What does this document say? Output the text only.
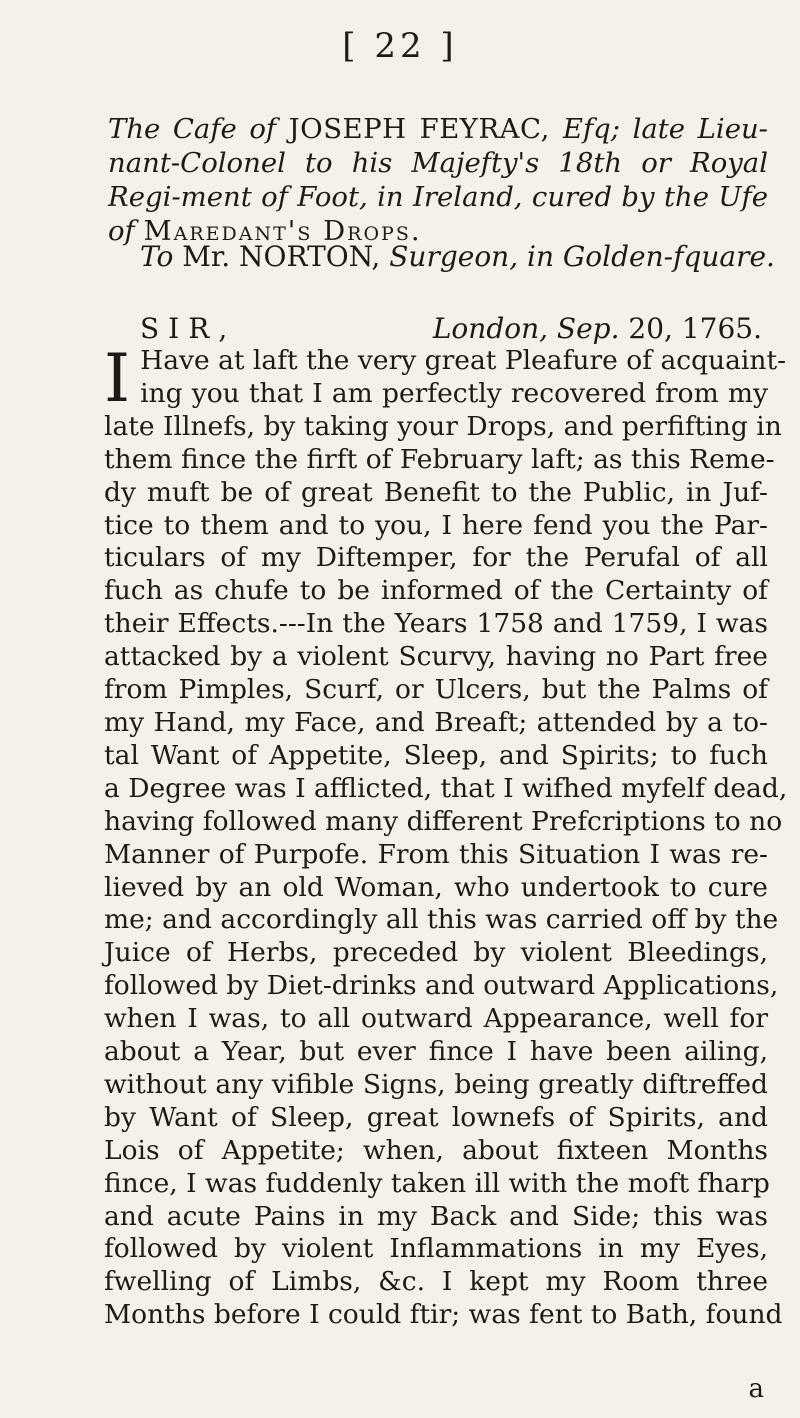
[ 22 ]
The Cafe of JOSEPH FEYRAC, Efq; late Lieu-nant-Colonel to his Majefty's 18th or Royal Regi-ment of Foot, in Ireland, cured by the Ufe of Maredant's Drops.
To Mr. NORTON, Surgeon, in Golden-fquare.
SIR,	London, Sep. 20, 1765.
I Have at laft the very great Pleafure of acquaint-
ing you that I am perfectly recovered from my
late Illnefs, by taking your Drops, and perfifting in
them fince the firft of February laft; as this Reme-
dy muft be of great Benefit to the Public, in Juf-
tice to them and to you, I here fend you the Par-
ticulars of my Diftemper, for the Perufal of all
fuch as chufe to be informed of the Certainty of
their Effects.---In the Years 1758 and 1759, I was
attacked by a violent Scurvy, having no Part free
from Pimples, Scurf, or Ulcers, but the Palms of
my Hand, my Face, and Breaft; attended by a to-
tal Want of Appetite, Sleep, and Spirits; to fuch
a Degree was I afflicted, that I wifhed myfelf dead,
having followed many different Prefcriptions to no
Manner of Purpofe. From this Situation I was re-
lieved by an old Woman, who undertook to cure
me; and accordingly all this was carried off by the
Juice of Herbs, preceded by violent Bleedings,
followed by Diet-drinks and outward Applications,
when I was, to all outward Appearance, well for
about a Year, but ever fince I have been ailing,
without any vifible Signs, being greatly diftreffed
by Want of Sleep, great lownefs of Spirits, and
Lois of Appetite; when, about fixteen Months
fince, I was fuddenly taken ill with the moft fharp
and acute Pains in my Back and Side; this was
followed by violent Inflammations in my Eyes,
fwelling of Limbs, &c. I kept my Room three
Months before I could ftir; was fent to Bath, found
a
